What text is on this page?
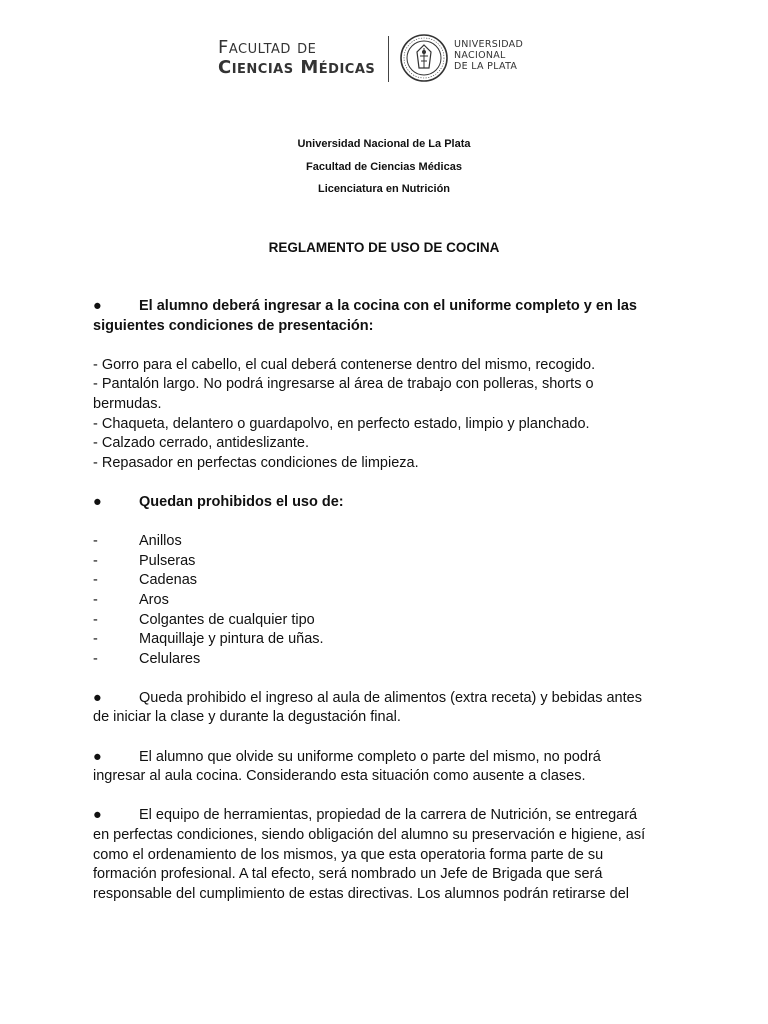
Facultad de
Ciencias Médicas
UNIVERSIDAD
NACIONAL
DE LA PLATA
Universidad Nacional de La Plata
Facultad de Ciencias Médicas
Licenciatura en Nutrición
REGLAMENTO DE USO DE COCINA

●	El alumno deberá ingresar a la cocina con el uniforme completo y en las

siguientes condiciones de presentación:

- Gorro para el cabello, el cual deberá contenerse dentro del mismo, recogido.

- Pantalón largo. No podrá ingresarse al área de trabajo con polleras, shorts o

bermudas.

- Chaqueta, delantero o guardapolvo, en perfecto estado, limpio y planchado.

- Calzado cerrado, antideslizante.

- Repasador en perfectas condiciones de limpieza.

●	Quedan prohibidos el uso de:

-	Anillos

-	Pulseras

-	Cadenas

-	Aros

-	Colgantes de cualquier tipo

-	Maquillaje y pintura de uñas.

-	Celulares

●	Queda prohibido el ingreso al aula de alimentos (extra receta) y bebidas antes

de iniciar la clase y durante la degustación final.

●	El alumno que olvide su uniforme completo o parte del mismo, no podrá

ingresar al aula cocina. Considerando esta situación como ausente a clases.

●	El equipo de herramientas, propiedad de la carrera de Nutrición, se entregará

en perfectas condiciones, siendo obligación del alumno su preservación e higiene, así

como el ordenamiento de los mismos, ya que esta operatoria forma parte de su

formación profesional. A tal efecto, será nombrado un Jefe de Brigada que será

responsable del cumplimiento de estas directivas. Los alumnos podrán retirarse del
